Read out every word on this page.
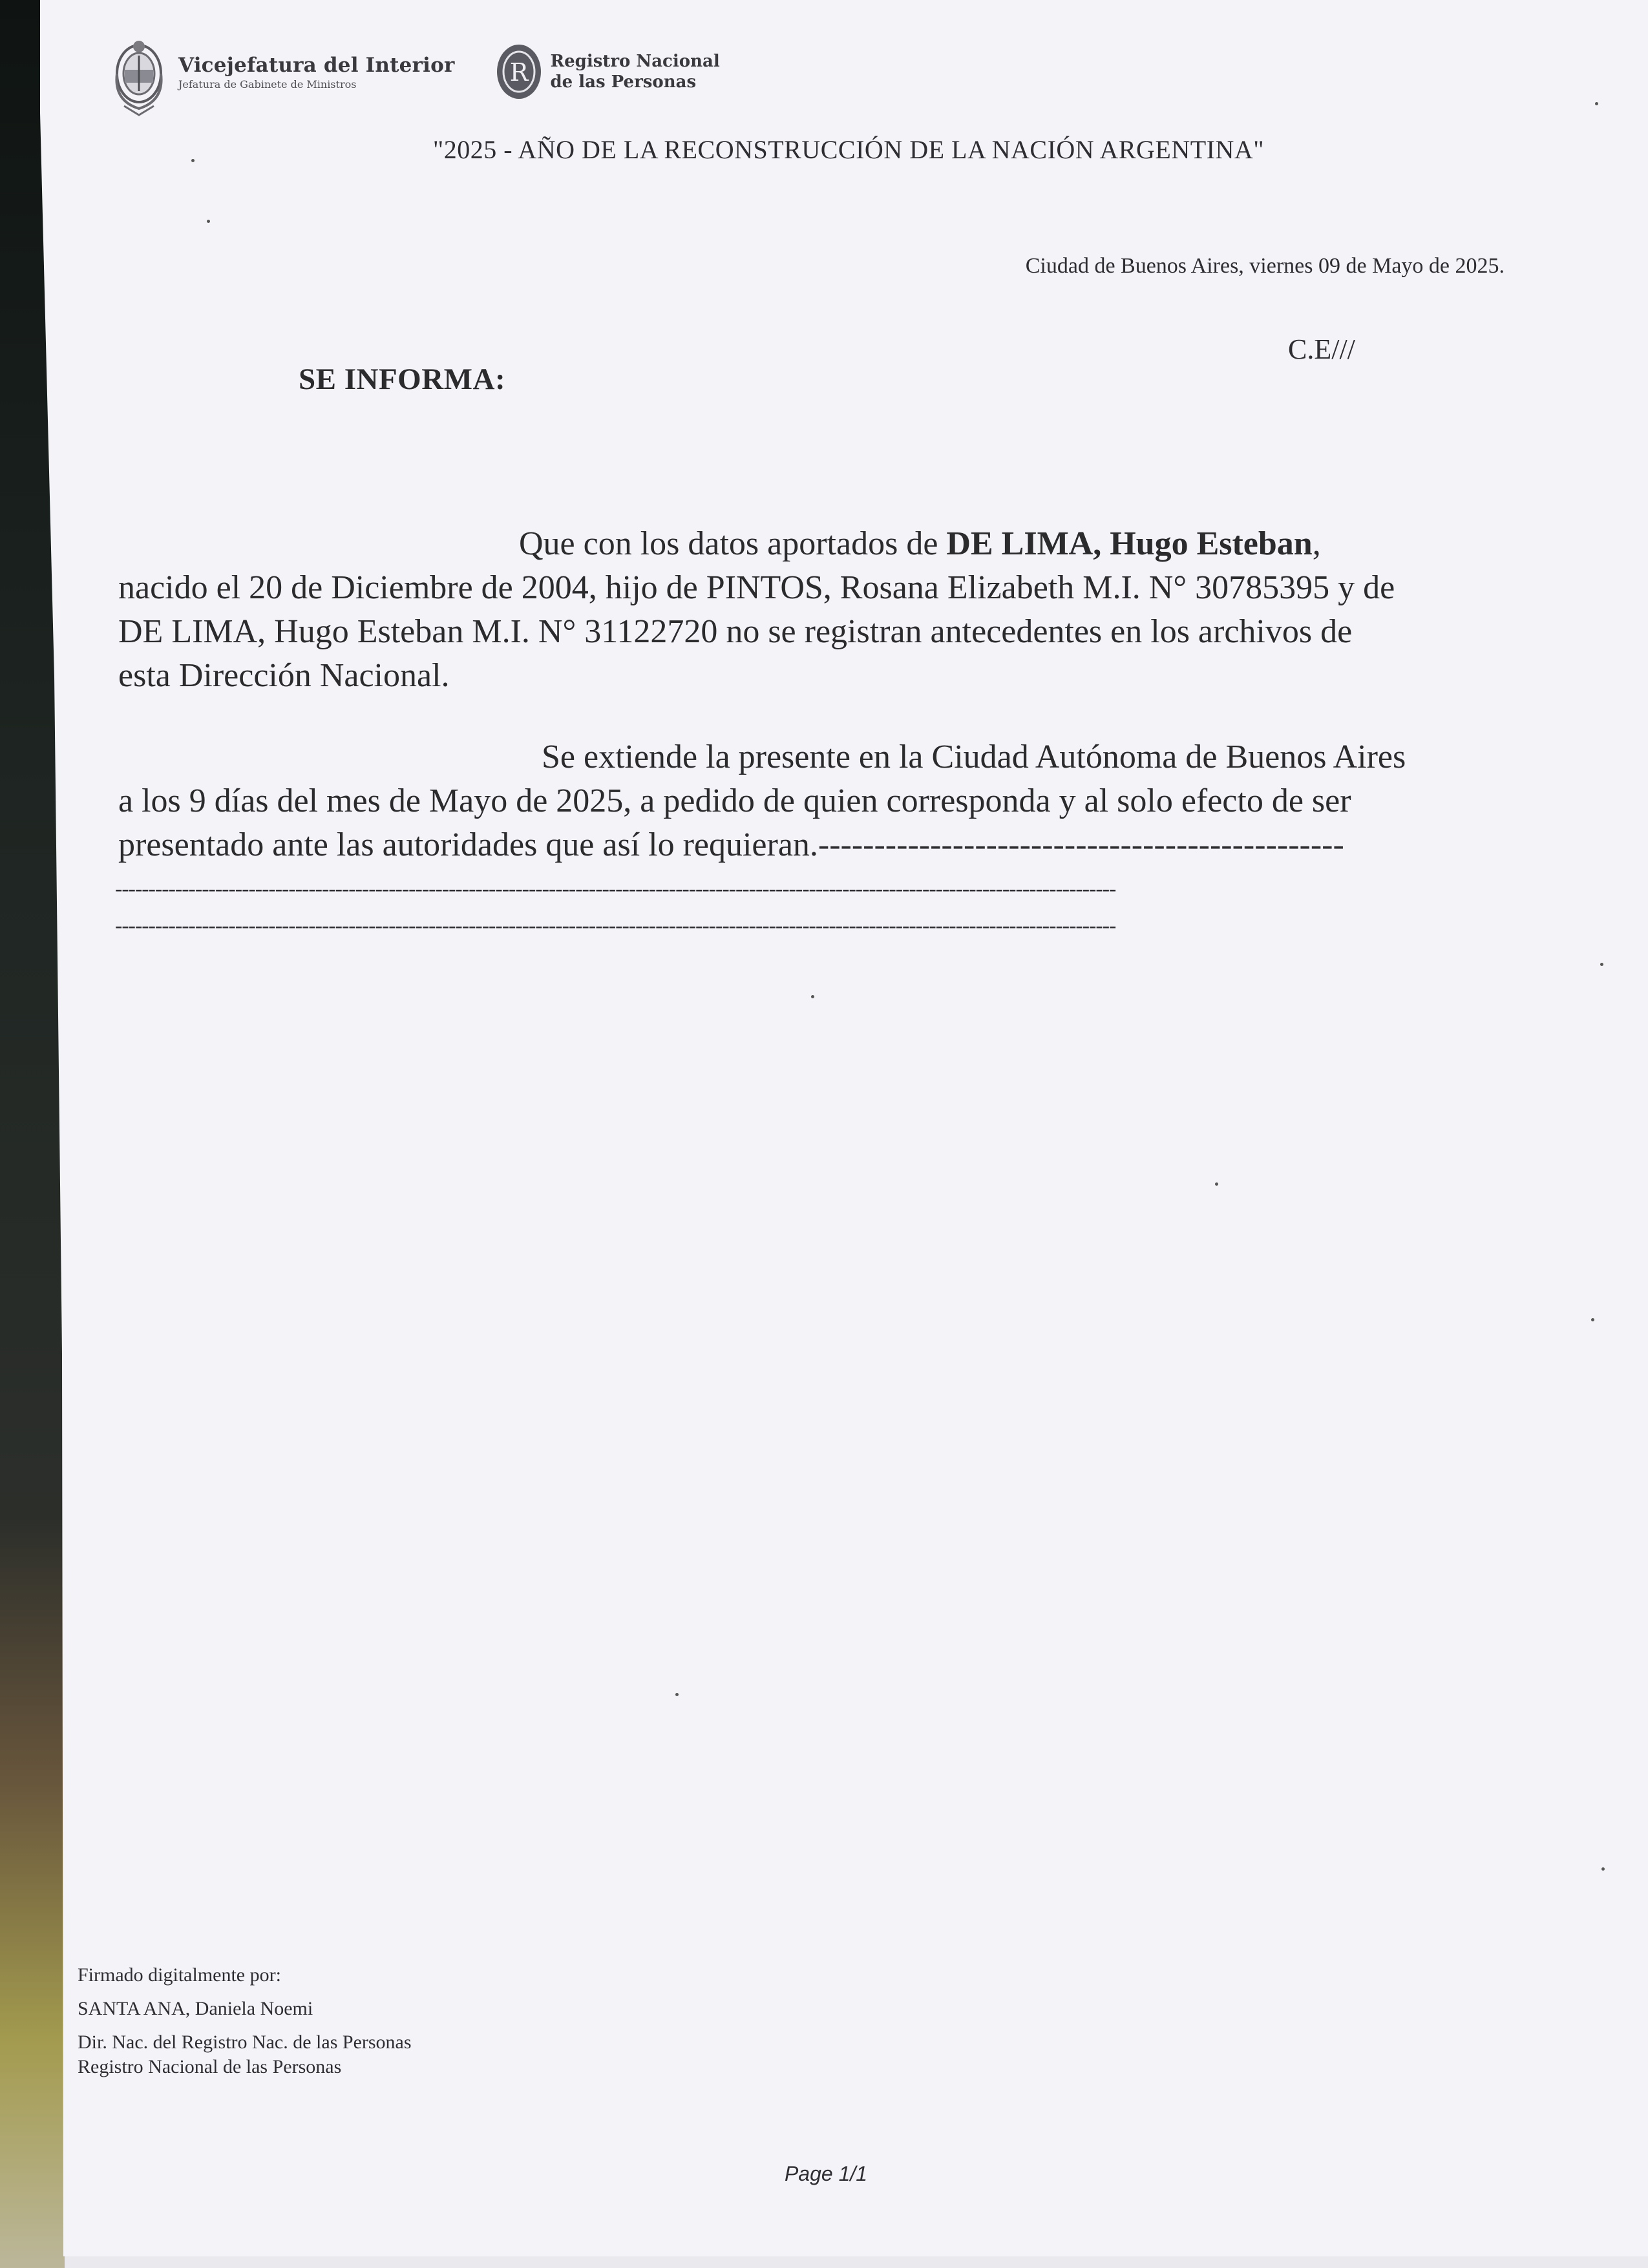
Vicejefatura del Interior
Jefatura de Gabinete de Ministros	R Registro Nacional
de las Personas
"2025 - AÑO DE LA RECONSTRUCCIÓN DE LA NACIÓN ARGENTINA"
Ciudad de Buenos Aires, viernes 09 de Mayo de 2025.
C.E///
SE INFORMA:
Que con los datos aportados de DE LIMA, Hugo Esteban,
nacido el 20 de Diciembre de 2004, hijo de PINTOS, Rosana Elizabeth M.I. N° 30785395 y de
DE LIMA, Hugo Esteban M.I. N° 31122720 no se registran antecedentes en los archivos de
esta Dirección Nacional.
Se extiende la presente en la Ciudad Autónoma de Buenos Aires
a los 9 días del mes de Mayo de 2025, a pedido de quien corresponda y al solo efecto de ser
presentado ante las autoridades que así lo requieran.-----------------------------------------------
------------------------------------------------------------------------------------------------------------------------------------------------------
------------------------------------------------------------------------------------------------------------------------------------------------------
Firmado digitalmente por:
SANTA ANA, Daniela Noemi
Dir. Nac. del Registro Nac. de las Personas
Registro Nacional de las Personas
Page 1/1
